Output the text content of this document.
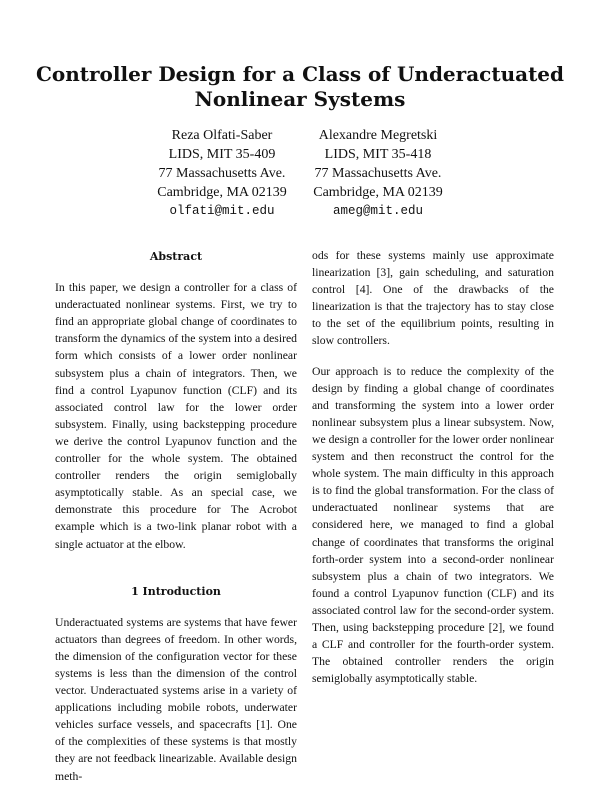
Controller Design for a Class of Underactuated
Nonlinear Systems
Reza Olfati-Saber
LIDS, MIT 35-409
77 Massachusetts Ave.
Cambridge, MA 02139
olfati@mit.edu
Alexandre Megretski
LIDS, MIT 35-418
77 Massachusetts Ave.
Cambridge, MA 02139
ameg@mit.edu
Abstract

In this paper, we design a controller for a class of underactuated nonlinear systems. First, we try to find an appropriate global change of coordinates to transform the dynamics of the system into a desired form which consists of a lower order nonlinear subsystem plus a chain of integrators. Then, we find a control Lyapunov function (CLF) and its associated control law for the lower order subsystem. Finally, using backstepping procedure we derive the control Lyapunov function and the controller for the whole system. The obtained controller renders the origin semiglobally asymptotically stable. As an special case, we demonstrate this procedure for The Acrobot example which is a two-link planar robot with a single actuator at the elbow.

1 Introduction

Underactuated systems are systems that have fewer actuators than degrees of freedom. In other words, the dimension of the configuration vector for these systems is less than the dimension of the control vector. Underactuated systems arise in a variety of applications including mobile robots, underwater vehicles surface vessels, and spacecrafts [1]. One of the complexities of these systems is that mostly they are not feedback linearizable. Available design meth-

ods for these systems mainly use approximate linearization [3], gain scheduling, and saturation control [4]. One of the drawbacks of the linearization is that the trajectory has to stay close to the set of the equilibrium points, resulting in slow controllers.

Our approach is to reduce the complexity of the design by finding a global change of coordinates and transforming the system into a lower order nonlinear subsystem plus a linear subsystem. Now, we design a controller for the lower order nonlinear system and then reconstruct the control for the whole system. The main difficulty in this approach is to find the global transformation. For the class of underactuated nonlinear systems that are considered here, we managed to find a global change of coordinates that transforms the original forth-order system into a second-order nonlinear subsystem plus a chain of two integrators. We found a control Lyapunov function (CLF) and its associated control law for the second-order system. Then, using backstepping procedure [2], we found a CLF and controller for the fourth-order system. The obtained controller renders the origin semiglobally asymptotically stable.
